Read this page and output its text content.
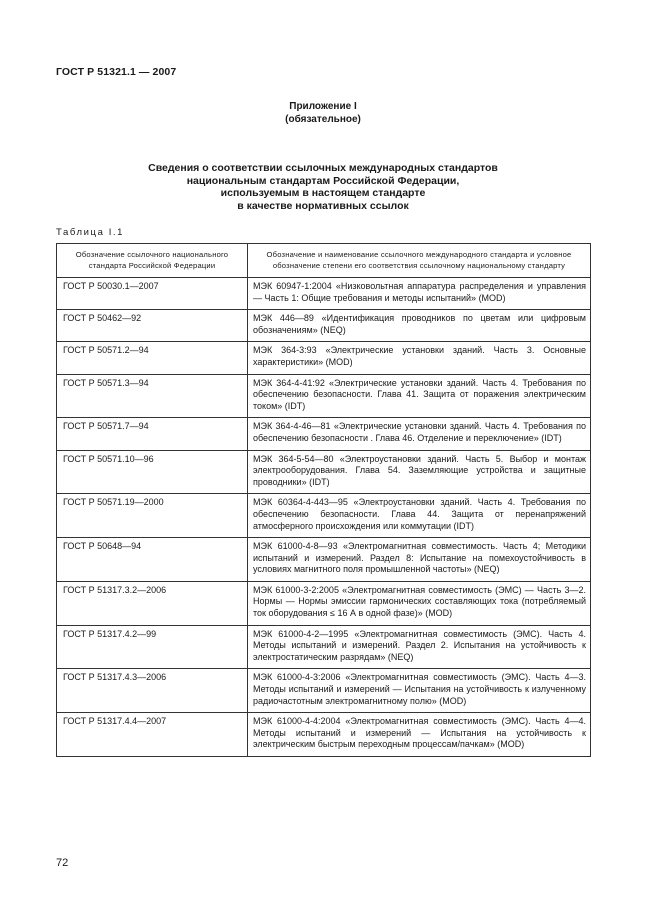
ГОСТ Р 51321.1 — 2007
Приложение I
(обязательное)
Сведения о соответствии ссылочных международных стандартов
национальным стандартам Российской Федерации,
используемым в настоящем стандарте
в качестве нормативных ссылок
Таблица I.1
Обозначение ссылочного национального стандарта Российской Федерации	Обозначение и наименование ссылочного международного стандарта и условное обозначение степени его соответствия ссылочному национальному стандарту
ГОСТ Р 50030.1—2007	МЭК 60947-1:2004 «Низковольтная аппаратура распределения и управления — Часть 1: Общие требования и методы испытаний» (MOD)
ГОСТ Р 50462—92	МЭК 446—89 «Идентификация проводников по цветам или цифровым обозначениям» (NEQ)
ГОСТ Р 50571.2—94	МЭК 364-3:93 «Электрические установки зданий. Часть 3. Основные характеристики» (MOD)
ГОСТ Р 50571.3—94	МЭК 364-4-41:92 «Электрические установки зданий. Часть 4. Требования по обеспечению безопасности. Глава 41. Защита от поражения электрическим током» (IDT)
ГОСТ Р 50571.7—94	МЭК 364-4-46—81 «Электрические установки зданий. Часть 4. Требования по обеспечению безопасности . Глава 46. Отделение и переключение» (IDT)
ГОСТ Р 50571.10—96	МЭК 364-5-54—80 «Электроустановки зданий. Часть 5. Выбор и монтаж электрооборудования. Глава 54. Заземляющие устройства и защитные проводники» (IDT)
ГОСТ Р 50571.19—2000	МЭК 60364-4-443—95 «Электроустановки зданий. Часть 4. Требования по обеспечению безопасности. Глава 44. Защита от перенапряжений атмосферного происхождения или коммутации (IDT)
ГОСТ Р 50648—94	МЭК 61000-4-8—93 «Электромагнитная совместимость. Часть 4; Методики испытаний и измерений. Раздел 8: Испытание на помехоустойчивость в условиях магнитного поля промышленной частоты» (NEQ)
ГОСТ Р 51317.3.2—2006	МЭК 61000-3-2:2005 «Электромагнитная совместимость (ЭМС) — Часть 3—2. Нормы — Нормы эмиссии гармонических составляющих тока (потребляемый ток оборудования ≤ 16 А в одной фазе)» (MOD)
ГОСТ Р 51317.4.2—99	МЭК 61000-4-2—1995 «Электромагнитная совместимость (ЭМС). Часть 4. Методы испытаний и измерений. Раздел 2. Испытания на устойчивость к электростатическим разрядам» (NEQ)
ГОСТ Р 51317.4.3—2006	МЭК 61000-4-3:2006 «Электромагнитная совместимость (ЭМС). Часть 4—3. Методы испытаний и измерений — Испытания на устойчивость к излученному радиочастотным электромагнитному полю» (MOD)
ГОСТ Р 51317.4.4—2007	МЭК 61000-4-4:2004 «Электромагнитная совместимость (ЭМС). Часть 4—4. Методы испытаний и измерений — Испытания на устойчивость к электрическим быстрым переходным процессам/пачкам» (MOD)
72
